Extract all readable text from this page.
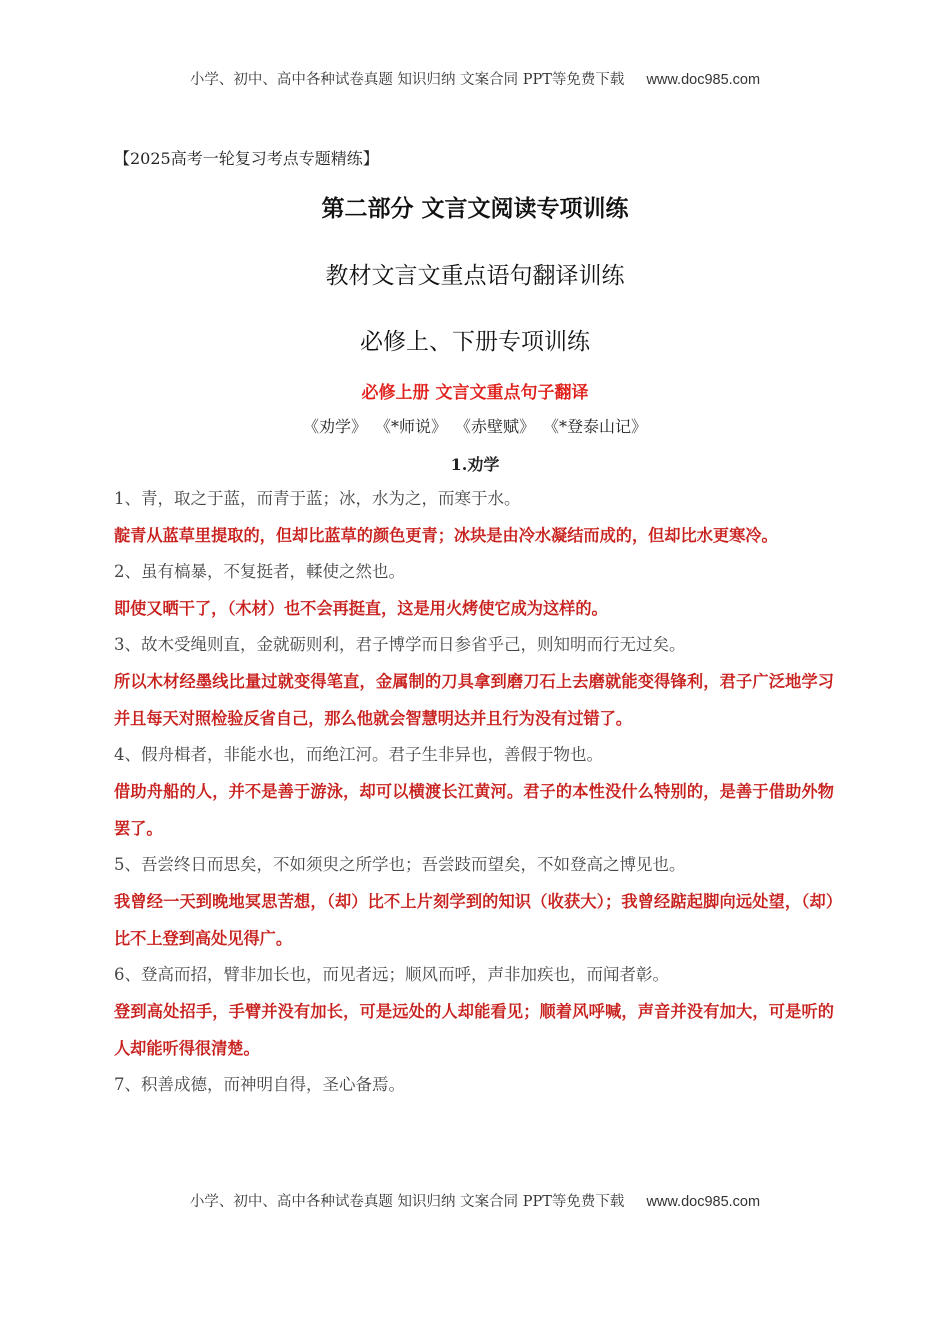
小学、初中、高中各种试卷真题 知识归纳 文案合同 PPT等免费下载 www.doc985.com
【2025高考一轮复习考点专题精练】
第二部分 文言文阅读专项训练
教材文言文重点语句翻译训练
必修上、下册专项训练
必修上册 文言文重点句子翻译
《劝学》 《*师说》 《赤壁赋》 《*登泰山记》
1.劝学
1、青，取之于蓝，而青于蓝；冰，水为之，而寒于水。
靛青从蓝草里提取的，但却比蓝草的颜色更青；冰块是由冷水凝结而成的，但却比水更寒冷。
2、虽有槁暴，不复挺者，輮使之然也。
即使又晒干了，（木材）也不会再挺直，这是用火烤使它成为这样的。
3、故木受绳则直，金就砺则利，君子博学而日参省乎己，则知明而行无过矣。
所以木材经墨线比量过就变得笔直，金属制的刀具拿到磨刀石上去磨就能变得锋利，君子广泛地学习并且每天对照检验反省自己，那么他就会智慧明达并且行为没有过错了。
4、假舟楫者，非能水也，而绝江河。君子生非异也，善假于物也。
借助舟船的人，并不是善于游泳，却可以横渡长江黄河。君子的本性没什么特别的，是善于借助外物罢了。
5、吾尝终日而思矣，不如须臾之所学也；吾尝跂而望矣，不如登高之博见也。
我曾经一天到晚地冥思苦想，（却）比不上片刻学到的知识（收获大）；我曾经踮起脚向远处望，（却）比不上登到高处见得广。
6、登高而招，臂非加长也，而见者远；顺风而呼，声非加疾也，而闻者彰。
登到高处招手，手臂并没有加长，可是远处的人却能看见；顺着风呼喊，声音并没有加大，可是听的人却能听得很清楚。
7、积善成德，而神明自得，圣心备焉。
小学、初中、高中各种试卷真题 知识归纳 文案合同 PPT等免费下载 www.doc985.com
